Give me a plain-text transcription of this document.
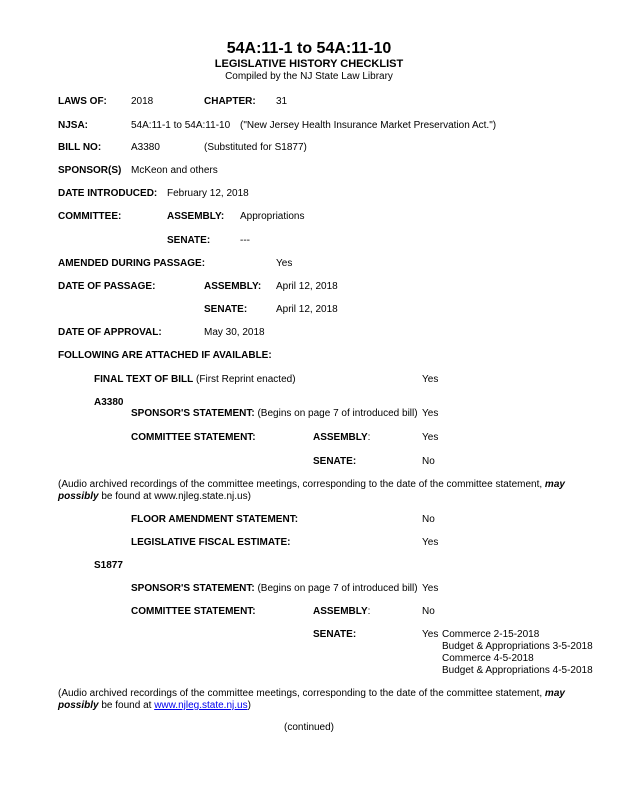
54A:11-1 to 54A:11-10
LEGISLATIVE HISTORY CHECKLIST
Compiled by the NJ State Law Library
LAWS OF: 2018	CHAPTER: 31
NJSA:	54A:11-1 to 54A:11-10 ("New Jersey Health Insurance Market Preservation Act.")
BILL NO:	A3380	(Substituted for S1877)
SPONSOR(S) McKeon and others
DATE INTRODUCED: February 12, 2018
COMMITTEE:	ASSEMBLY: Appropriations
SENATE:	---
AMENDED DURING PASSAGE:	Yes
DATE OF PASSAGE:	ASSEMBLY: April 12, 2018
SENATE:	April 12, 2018
DATE OF APPROVAL:	May 30, 2018
FOLLOWING ARE ATTACHED IF AVAILABLE:
FINAL TEXT OF BILL (First Reprint enacted)	Yes
A3380
SPONSOR'S STATEMENT: (Begins on page 7 of introduced bill) Yes
COMMITTEE STATEMENT:	ASSEMBLY:	Yes
SENATE:	No
(Audio archived recordings of the committee meetings, corresponding to the date of the committee statement, may possibly be found at www.njleg.state.nj.us)
FLOOR AMENDMENT STATEMENT:	No
LEGISLATIVE FISCAL ESTIMATE:	Yes
S1877
SPONSOR'S STATEMENT: (Begins on page 7 of introduced bill) Yes
COMMITTEE STATEMENT:	ASSEMBLY:	No
SENATE:	Yes Commerce 2-15-2018
Budget & Appropriations 3-5-2018
Commerce 4-5-2018
Budget & Appropriations 4-5-2018
(Audio archived recordings of the committee meetings, corresponding to the date of the committee statement, may possibly be found at www.njleg.state.nj.us)
(continued)
